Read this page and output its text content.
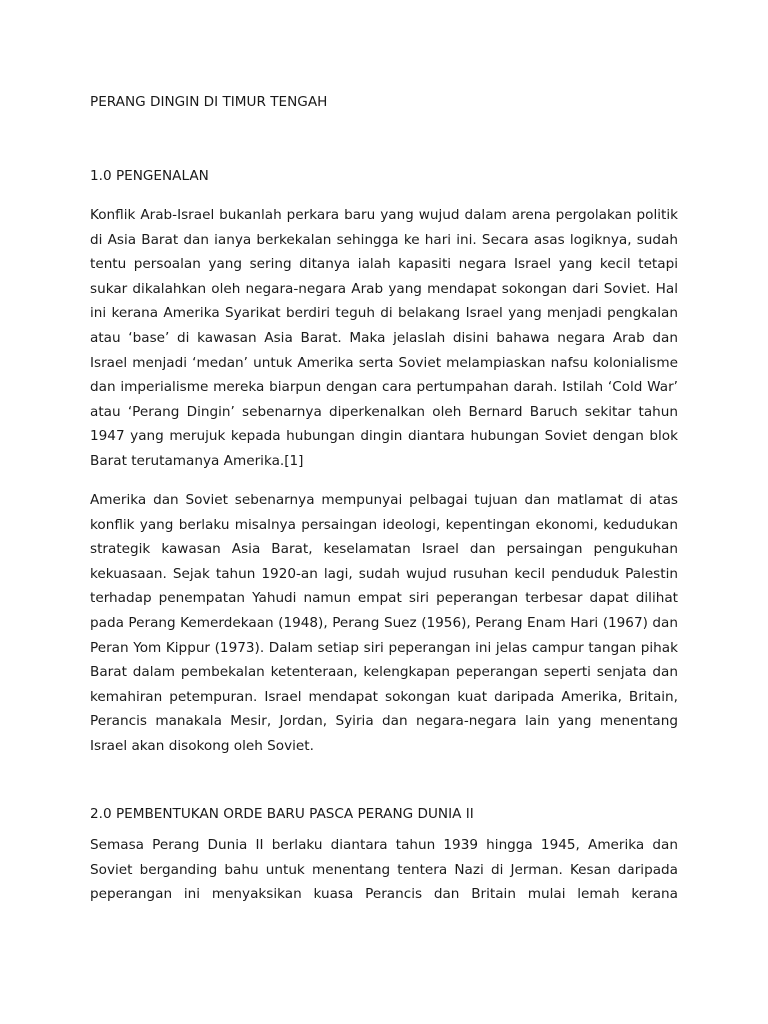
PERANG DINGIN DI TIMUR TENGAH
1.0 PENGENALAN

Konflik Arab-Israel bukanlah perkara baru yang wujud dalam arena pergolakan politik di Asia Barat dan ianya berkekalan sehingga ke hari ini. Secara asas logiknya, sudah tentu persoalan yang sering ditanya ialah kapasiti negara Israel yang kecil tetapi sukar dikalahkan oleh negara-negara Arab yang mendapat sokongan dari Soviet. Hal ini kerana Amerika Syarikat berdiri teguh di belakang Israel yang menjadi pengkalan atau ‘base’ di kawasan Asia Barat. Maka jelaslah disini bahawa negara Arab dan Israel menjadi ‘medan’ untuk Amerika serta Soviet melampiaskan nafsu kolonialisme dan imperialisme mereka biarpun dengan cara pertumpahan darah. Istilah ‘Cold War’ atau ‘Perang Dingin’ sebenarnya diperkenalkan oleh Bernard Baruch sekitar tahun 1947 yang merujuk kepada hubungan dingin diantara hubungan Soviet dengan blok Barat terutamanya Amerika.[1]

Amerika dan Soviet sebenarnya mempunyai pelbagai tujuan dan matlamat di atas konflik yang berlaku misalnya persaingan ideologi, kepentingan ekonomi, kedudukan strategik kawasan Asia Barat, keselamatan Israel dan persaingan pengukuhan kekuasaan. Sejak tahun 1920-an lagi, sudah wujud rusuhan kecil penduduk Palestin terhadap penempatan Yahudi namun empat siri peperangan terbesar dapat dilihat pada Perang Kemerdekaan (1948), Perang Suez (1956), Perang Enam Hari (1967) dan Peran Yom Kippur (1973). Dalam setiap siri peperangan ini jelas campur tangan pihak Barat dalam pembekalan ketenteraan, kelengkapan peperangan seperti senjata dan kemahiran petempuran. Israel mendapat sokongan kuat daripada Amerika, Britain, Perancis manakala Mesir, Jordan, Syiria dan negara-negara lain yang menentang Israel akan disokong oleh Soviet.

2.0 PEMBENTUKAN ORDE BARU PASCA PERANG DUNIA II

Semasa Perang Dunia II berlaku diantara tahun 1939 hingga 1945, Amerika dan Soviet berganding bahu untuk menentang tentera Nazi di Jerman. Kesan daripada peperangan ini menyaksikan kuasa Perancis dan Britain mulai lemah kerana
